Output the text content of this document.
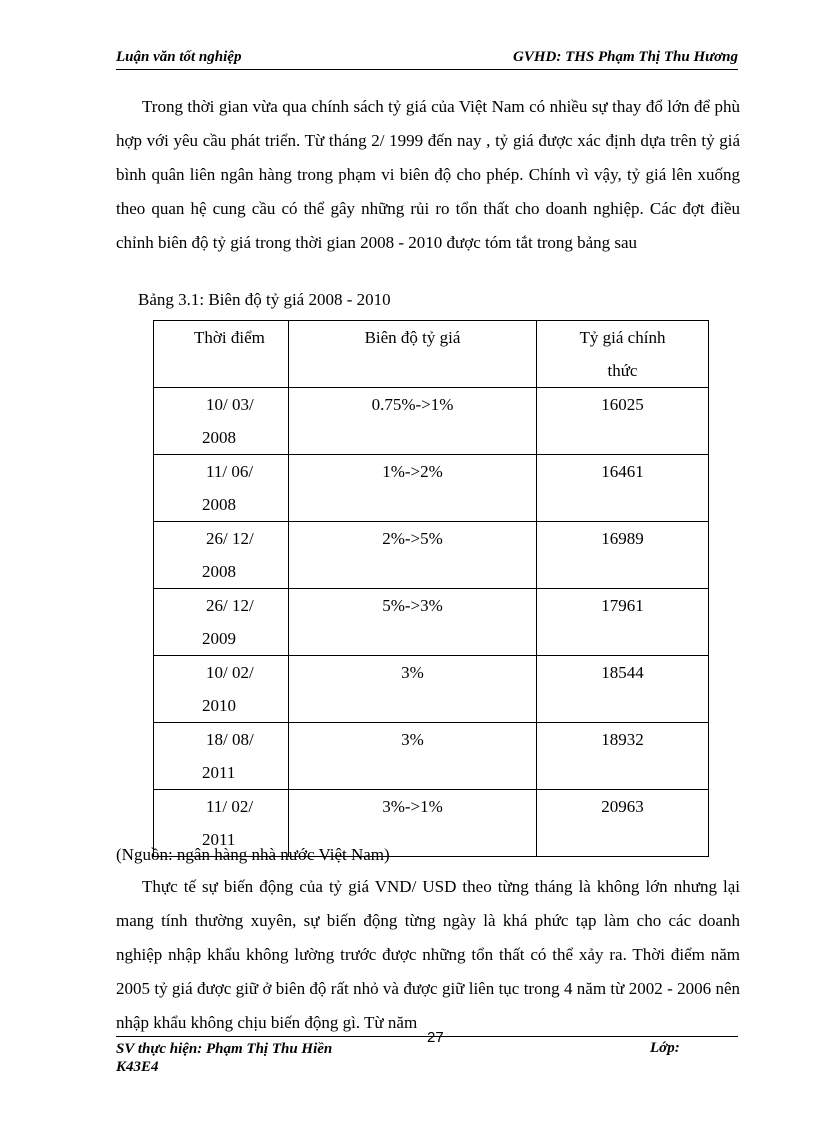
Luận văn tốt nghiệp	GVHD: THS Phạm Thị Thu Hương
Trong thời gian vừa qua chính sách tỷ giá của Việt Nam có nhiều sự thay đổ lớn để phù hợp với yêu cầu phát triển. Từ tháng 2/ 1999 đến nay , tỷ giá được xác định dựa trên tỷ giá bình quân liên ngân hàng trong phạm vi biên độ cho phép. Chính vì vậy, tỷ giá lên xuống theo quan hệ cung cầu có thể gây những rủi ro tổn thất cho doanh nghiệp. Các đợt điều chỉnh biên độ tỷ giá trong thời gian 2008 - 2010 được tóm tắt trong bảng sau
Bảng 3.1: Biên độ tỷ giá 2008 - 2010
Thời điểm	Biên độ tỷ giá	Tỷ giá chính thức

10/ 03/
2008	0.75%->1%	16025

11/ 06/
2008	1%->2%	16461

26/ 12/
2008	2%->5%	16989

26/ 12/
2009	5%->3%	17961

10/ 02/
2010	3%	18544

18/ 08/
2011	3%	18932

11/ 02/
2011	3%->1%	20963
(Nguồn: ngân hàng nhà nước Việt Nam)
Thực tế sự biến động của tỷ giá VND/ USD theo từng tháng là không lớn nhưng lại mang tính thường xuyên, sự biến động từng ngày là khá phức tạp làm cho các doanh nghiệp nhập khẩu không lường trước được những tổn thất có thể xảy ra. Thời điểm năm 2005 tỷ giá được giữ ở biên độ rất nhỏ và được giữ liên tục trong 4 năm từ 2002 - 2006 nên nhập khẩu không chịu biến động gì. Từ năm
SV thực hiện: Phạm Thị Thu Hiền K43E4
27
Lớp:
